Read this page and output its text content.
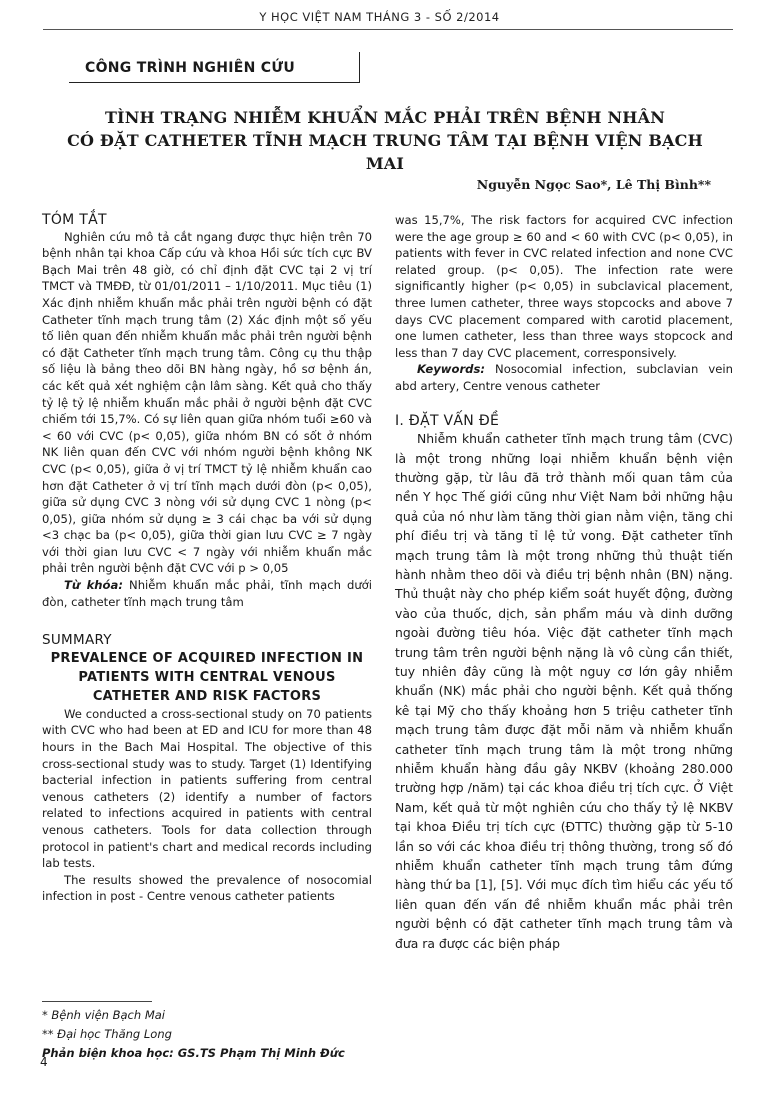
Y HỌC VIỆT NAM THÁNG 3 - SỐ 2/2014
CÔNG TRÌNH NGHIÊN CỨU
TÌNH TRẠNG NHIỄM KHUẨN MẮC PHẢI TRÊN BỆNH NHÂN
CÓ ĐẶT CATHETER TĨNH MẠCH TRUNG TÂM TẠI BỆNH VIỆN BẠCH MAI
Nguyễn Ngọc Sao*, Lê Thị Bình**
TÓM TẮT

Nghiên cứu mô tả cắt ngang được thực hiện trên 70 bệnh nhân tại khoa Cấp cứu và khoa Hồi sức tích cực BV Bạch Mai trên 48 giờ, có chỉ định đặt CVC tại 2 vị trí TMCT và TMĐĐ, từ 01/01/2011 – 1/10/2011. Mục tiêu (1) Xác định nhiễm khuẩn mắc phải trên người bệnh có đặt Catheter tĩnh mạch trung tâm (2) Xác định một số yếu tố liên quan đến nhiễm khuẩn mắc phải trên người bệnh có đặt Catheter tĩnh mạch trung tâm. Công cụ thu thập số liệu là bảng theo dõi BN hàng ngày, hồ sơ bệnh án, các kết quả xét nghiệm cận lâm sàng. Kết quả cho thấy tỷ lệ tỷ lệ nhiễm khuẩn mắc phải ở người bệnh đặt CVC chiếm tới 15,7%. Có sự liên quan giữa nhóm tuổi ≥60 và < 60 với CVC (p< 0,05), giữa nhóm BN có sốt ở nhóm NK liên quan đến CVC với nhóm người bệnh không NK CVC (p< 0,05), giữa ở vị trí TMCT tỷ lệ nhiễm khuẩn cao hơn đặt Catheter ở vị trí tĩnh mạch dưới đòn (p< 0,05), giữa sử dụng CVC 3 nòng với sử dụng CVC 1 nòng (p< 0,05), giữa nhóm sử dụng ≥ 3 cái chạc ba với sử dụng <3 chạc ba (p< 0,05), giữa thời gian lưu CVC ≥ 7 ngày với thời gian lưu CVC < 7 ngày với nhiễm khuẩn mắc phải trên người bệnh đặt CVC với p > 0,05

Từ khóa: Nhiễm khuẩn mắc phải, tĩnh mạch dưới đòn, catheter tĩnh mạch trung tâm

SUMMARY
PREVALENCE OF ACQUIRED INFECTION IN PATIENTS WITH CENTRAL VENOUS CATHETER AND RISK FACTORS

We conducted a cross-sectional study on 70 patients with CVC who had been at ED and ICU for more than 48 hours in the Bach Mai Hospital. The objective of this cross-sectional study was to study. Target (1) Identifying bacterial infection in patients suffering from central venous catheters (2) identify a number of factors related to infections acquired in patients with central venous catheters. Tools for data collection through protocol in patient's chart and medical records including lab tests.

The results showed the prevalence of nosocomial infection in post - Centre venous catheter patients

was 15,7%, The risk factors for acquired CVC infection were the age group ≥ 60 and < 60 with CVC (p< 0,05), in patients with fever in CVC related infection and none CVC related group. (p< 0,05). The infection rate were significantly higher (p< 0,05) in subclavical placement, three lumen catheter, three ways stopcocks and above 7 days CVC placement compared with carotid placement, one lumen catheter, less than three ways stopcock and less than 7 day CVC placement, corresponsively.

Keywords: Nosocomial infection, subclavian vein abd artery, Centre venous catheter

I. ĐẶT VẤN ĐỀ

Nhiễm khuẩn catheter tĩnh mạch trung tâm (CVC) là một trong những loại nhiễm khuẩn bệnh viện thường gặp, từ lâu đã trở thành mối quan tâm của nền Y học Thế giới cũng như Việt Nam bởi những hậu quả của nó như làm tăng thời gian nằm viện, tăng chi phí điều trị và tăng tỉ lệ tử vong. Đặt catheter tĩnh mạch trung tâm là một trong những thủ thuật tiến hành nhằm theo dõi và điều trị bệnh nhân (BN) nặng. Thủ thuật này cho phép kiểm soát huyết động, đường vào của thuốc, dịch, sản phẩm máu và dinh dưỡng ngoài đường tiêu hóa. Việc đặt catheter tĩnh mạch trung tâm trên người bệnh nặng là vô cùng cần thiết, tuy nhiên đây cũng là một nguy cơ lớn gây nhiễm khuẩn (NK) mắc phải cho người bệnh. Kết quả thống kê tại Mỹ cho thấy khoảng hơn 5 triệu catheter tĩnh mạch trung tâm được đặt mỗi năm và nhiễm khuẩn catheter tĩnh mạch trung tâm là một trong những nhiễm khuẩn hàng đầu gây NKBV (khoảng 280.000 trường hợp /năm) tại các khoa điều trị tích cực. Ở Việt Nam, kết quả từ một nghiên cứu cho thấy tỷ lệ NKBV tại khoa Điều trị tích cực (ĐTTC) thường gặp từ 5-10 lần so với các khoa điều trị thông thường, trong số đó nhiễm khuẩn catheter tĩnh mạch trung tâm đứng hàng thứ ba [1], [5]. Với mục đích tìm hiểu các yếu tố liên quan đến vấn đề nhiễm khuẩn mắc phải trên người bệnh có đặt catheter tĩnh mạch trung tâm và đưa ra được các biện pháp

* Bệnh viện Bạch Mai
** Đại học Thăng Long
Phản biện khoa học: GS.TS Phạm Thị Minh Đức
4
